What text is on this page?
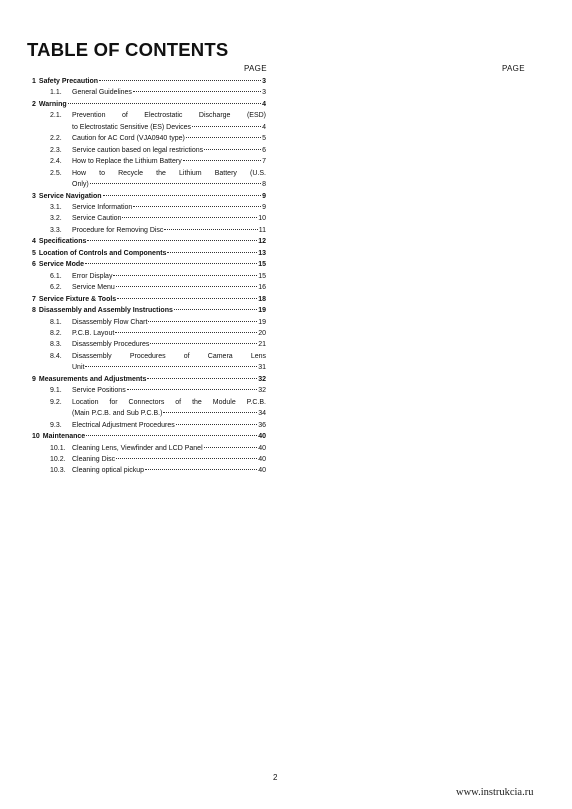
TABLE OF CONTENTS
PAGE	PAGE
1 Safety Precaution	3
1.1.	General Guidelines	3
2 Warning	4
2.1.	Prevention of Electrostatic Discharge (ESD)
to Electrostatic Sensitive (ES) Devices	4
2.2.	Caution for AC Cord (VJA0940 type)	5
2.3.	Service caution based on legal restrictions	6
2.4.	How to Replace the Lithium Battery	7
2.5.	How to Recycle the Lithium Battery (U.S.
Only)	8
3 Service Navigation	9
3.1.	Service Information	9
3.2.	Service Caution	10
3.3.	Procedure for Removing Disc	11
4 Specifications	12
5 Location of Controls and Components	13
6 Service Mode	15
6.1.	Error Display	15
6.2.	Service Menu	16
7 Service Fixture & Tools	18
8 Disassembly and Assembly Instructions	19
8.1.	Disassembly Flow Chart	19
8.2.	P.C.B. Layout	20
8.3.	Disassembly Procedures	21
8.4.	Disassembly Procedures of Camera Lens
Unit	31
9 Measurements and Adjustments	32
9.1.	Service Positions	32
9.2.	Location for Connectors of the Module P.C.B.
(Main P.C.B. and Sub P.C.B.)	34
9.3.	Electrical Adjustment Procedures	36
10 Maintenance	40
10.1. Cleaning Lens, Viewfinder and LCD Panel	40
10.2. Cleaning Disc	40
10.3. Cleaning optical pickup	40
2
www.instrukcia.ru
